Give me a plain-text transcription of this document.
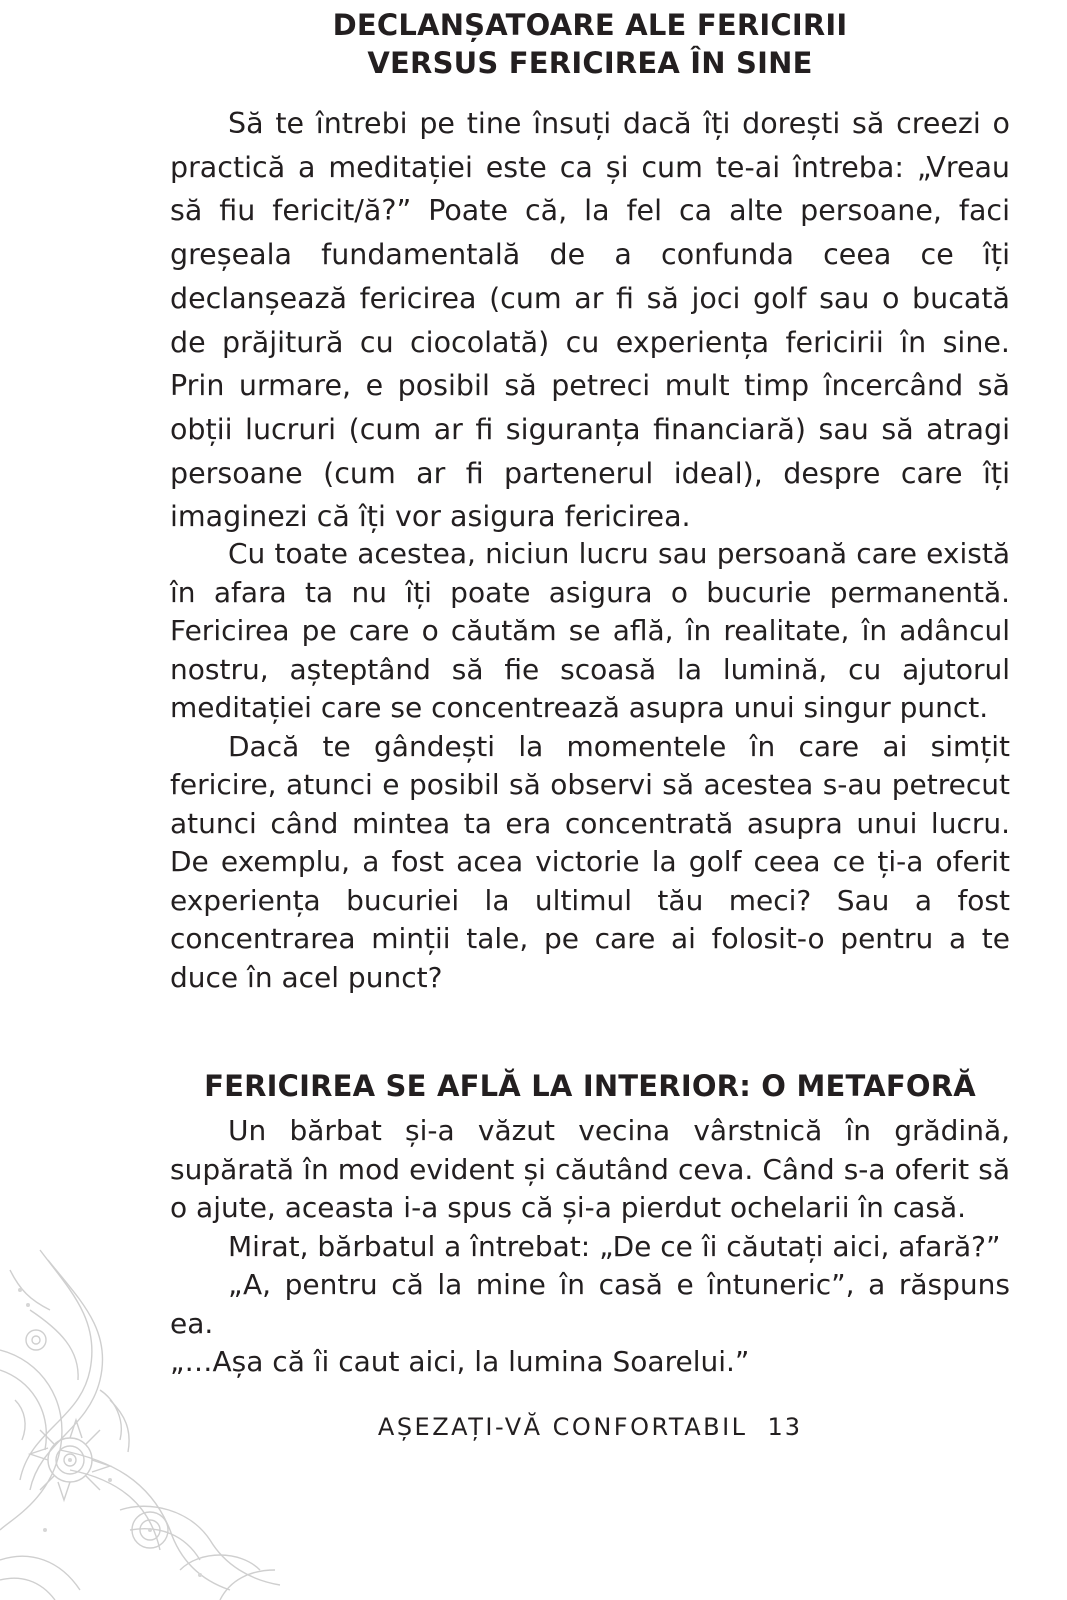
DECLANȘATOARE ALE FERICIRII
VERSUS FERICIREA ÎN SINE

Să te întrebi pe tine însuți dacă îți dorești să creezi o practică a meditației este ca și cum te-ai întreba: „Vreau să fiu fericit/ă?” Poate că, la fel ca alte persoane, faci greșeala fundamentală de a confunda ceea ce îți declanșează fericirea (cum ar fi să joci golf sau o bucată de prăjitură cu ciocolată) cu experiența fericirii în sine. Prin urmare, e posibil să petreci mult timp încercând să obții lucruri (cum ar fi siguranța financiară) sau să atragi persoane (cum ar fi partenerul ideal), despre care îți imaginezi că îți vor asigura fericirea.

Cu toate acestea, niciun lucru sau persoană care există în afara ta nu îți poate asigura o bucurie permanentă. Fericirea pe care o căutăm se află, în realitate, în adâncul nostru, așteptând să fie scoasă la lumină, cu ajutorul meditației care se concentrează asupra unui singur punct.

Dacă te gândești la momentele în care ai simțit fericire, atunci e posibil să observi să acestea s-au petrecut atunci când mintea ta era concentrată asupra unui lucru. De exemplu, a fost acea victorie la golf ceea ce ți-a oferit experiența bucuriei la ultimul tău meci? Sau a fost concentrarea minții tale, pe care ai folosit-o pentru a te duce în acel punct?

FERICIREA SE AFLĂ LA INTERIOR: O METAFORĂ

Un bărbat și-a văzut vecina vârstnică în grădină, supărată în mod evident și căutând ceva. Când s-a oferit să o ajute, aceasta i-a spus că și-a pierdut ochelarii în casă.

Mirat, bărbatul a întrebat: „De ce îi căutați aici, afară?”

„A, pentru că la mine în casă e întuneric”, a răspuns ea.

„…Așa că îi caut aici, la lumina Soarelui.”

AȘEZAȚI-VĂ CONFORTABIL 13
